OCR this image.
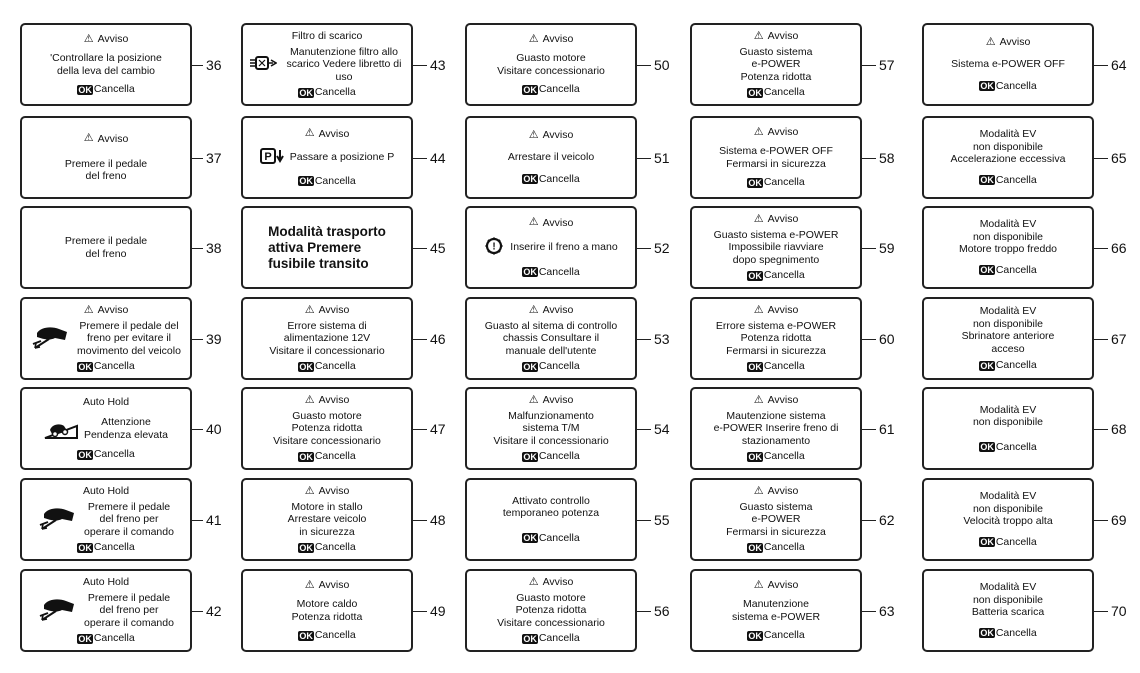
⚠ Avviso
'Controllare la posizione
della leva del cambio
OK Cancella
36
⚠ Avviso
Premere il pedale
del freno
37
Premere il pedale
del freno	38
⚠ Avviso
Premere il pedale del
freno per evitare il
movimento del veicolo
OK Cancella
39
Auto Hold
Attenzione
Pendenza elevata
OK Cancella
40
Auto Hold
Premere il pedale
del freno per
operare il comando
OK Cancella
41
Auto Hold
Premere il pedale
del freno per
operare il comando
OK Cancella
42
Filtro di scarico
Manutenzione filtro allo
scarico Vedere libretto di uso
OK Cancella
43
⚠ Avviso
P Passare a posizione P
OK Cancella
44
Modalità trasporto
attiva Premere
fusibile transito
45
⚠ Avviso
Errore sistema di
alimentazione 12V
Visitare il concessionario
OK Cancella
46
⚠ Avviso
Guasto motore
Potenza ridotta
Visitare concessionario
OK Cancella
47
⚠ Avviso
Motore in stallo
Arrestare veicolo
in sicurezza
OK Cancella
48
⚠ Avviso
Motore caldo
Potenza ridotta
OK Cancella
49
⚠ Avviso
Guasto motore
Visitare concessionario
OK Cancella
50
⚠ Avviso
Arrestare il veicolo
OK Cancella
51
⚠ Avviso
! Inserire il freno a mano
OK Cancella
52
⚠ Avviso
Guasto al sitema di controllo
chassis Consultare il
manuale dell'utente
OK Cancella
53
⚠ Avviso
Malfunzionamento
sistema T/M
Visitare il concessionario
OK Cancella
54
Attivato controllo
temporaneo potenza
OK Cancella
55
⚠ Avviso
Guasto motore
Potenza ridotta
Visitare concessionario
OK Cancella
56
⚠ Avviso
Guasto sistema
e-POWER
Potenza ridotta
OK Cancella
57
⚠ Avviso
Sistema e-POWER OFF
Fermarsi in sicurezza
OK Cancella
58
⚠ Avviso
Guasto sistema e-POWER
Impossibile riavviare
dopo spegnimento
OK Cancella
59
⚠ Avviso
Errore sistema e-POWER
Potenza ridotta
Fermarsi in sicurezza
OK Cancella
60
⚠ Avviso
Mautenzione sistema
e-POWER Inserire freno di
stazionamento
OK Cancella
61
⚠ Avviso
Guasto sistema
e-POWER
Fermarsi in sicurezza
OK Cancella
62
⚠ Avviso
Manutenzione
sistema e-POWER
OK Cancella
63
⚠ Avviso
Sistema e-POWER OFF
OK Cancella
64
Modalità EV
non disponibile
Accelerazione eccessiva
OK Cancella
65
Modalità EV
non disponibile
Motore troppo freddo
OK Cancella
66
Modalità EV
non disponibile
Sbrinatore anteriore
acceso
OK Cancella
67
Modalità EV
non disponibile
OK Cancella
68
Modalità EV
non disponibile
Velocità troppo alta
OK Cancella
69
Modalità EV
non disponibile
Batteria scarica
OK Cancella
70
